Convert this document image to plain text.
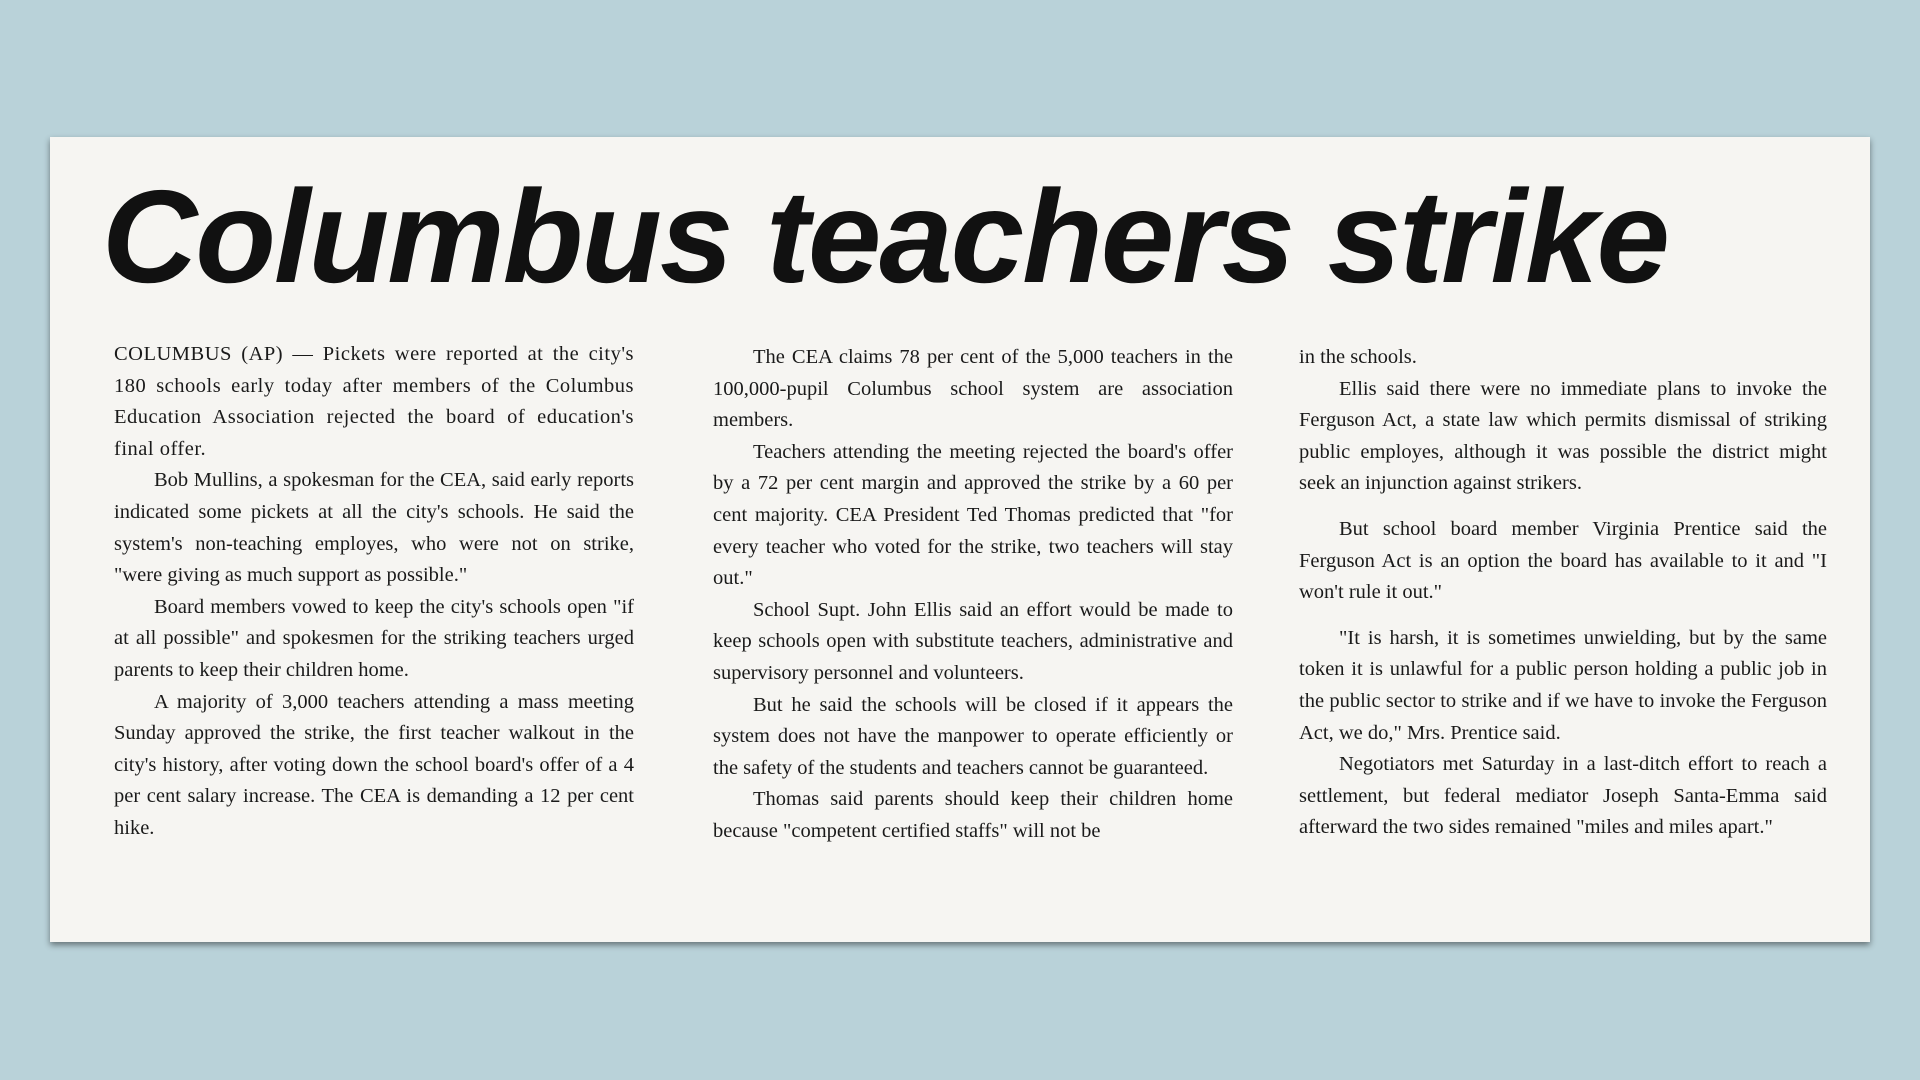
Columbus teachers strike

COLUMBUS (AP) — Pickets were reported at the city's 180 schools early today after members of the Columbus Education Association rejected the board of education's final offer.

Bob Mullins, a spokesman for the CEA, said early reports indicated some pickets at all the city's schools. He said the system's non-teaching employes, who were not on strike, "were giving as much support as possible."

Board members vowed to keep the city's schools open "if at all possible" and spokesmen for the striking teachers urged parents to keep their children home.

A majority of 3,000 teachers attending a mass meeting Sunday approved the strike, the first teacher walkout in the city's history, after voting down the school board's offer of a 4 per cent salary increase. The CEA is demanding a 12 per cent hike.

The CEA claims 78 per cent of the 5,000 teachers in the 100,000-pupil Columbus school system are association members.

Teachers attending the meeting rejected the board's offer by a 72 per cent margin and approved the strike by a 60 per cent majority. CEA President Ted Thomas predicted that "for every teacher who voted for the strike, two teachers will stay out."

School Supt. John Ellis said an effort would be made to keep schools open with substitute teachers, administrative and supervisory personnel and volunteers.

But he said the schools will be closed if it appears the system does not have the manpower to operate efficiently or the safety of the students and teachers cannot be guaranteed.

Thomas said parents should keep their children home because "competent certified staffs" will not be

in the schools.

Ellis said there were no immediate plans to invoke the Ferguson Act, a state law which permits dismissal of striking public employes, although it was possible the district might seek an injunction against strikers.

But school board member Virginia Prentice said the Ferguson Act is an option the board has available to it and "I won't rule it out."

"It is harsh, it is sometimes unwielding, but by the same token it is unlawful for a public person holding a public job in the public sector to strike and if we have to invoke the Ferguson Act, we do," Mrs. Prentice said.

Negotiators met Saturday in a last-ditch effort to reach a settlement, but federal mediator Joseph Santa-Emma said afterward the two sides remained "miles and miles apart."
